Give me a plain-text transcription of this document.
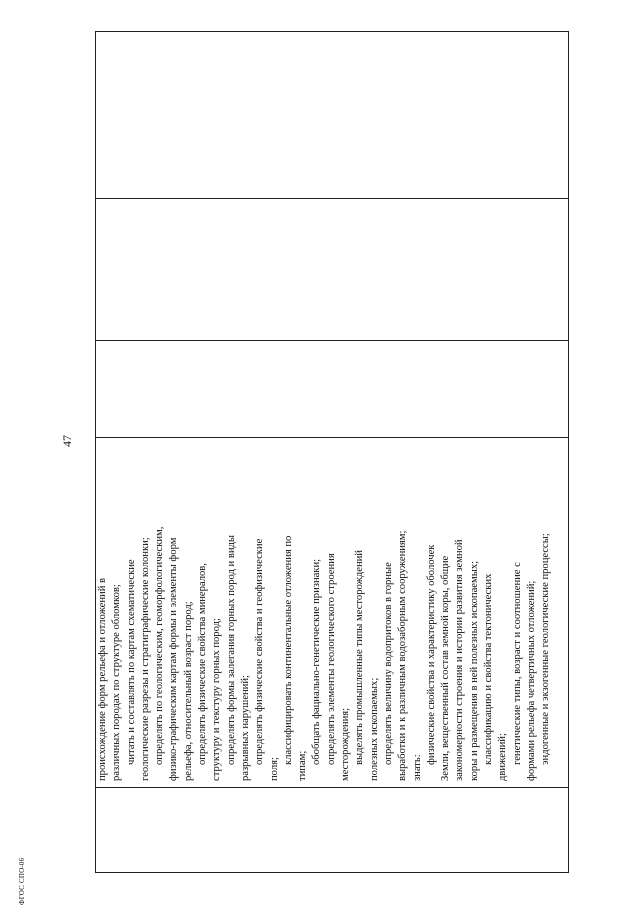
происхождение форм рельефа и отложений в различных породах по структуре обломков; читать и составлять по картам схематические геологические разрезы и стратиграфические колонки; определять по геологическим, геоморфологическим, физико-графическим картам формы и элементы форм рельефа, относительный возраст пород; определять физические свойства минералов, структуру и текстуру горных пород; определять формы залегания горных пород и виды разрывных нарушений; определять физические свойства и геофизические

поля;

классифицировать континентальные отложения по

типам;

обобщать фациально-генетические признаки; определять элементы геологического строения месторождения; выделять промышленные типы месторождений полезных ископаемых; определять величину водопритоков в горные выработки и к различным водозаборным сооружениям; знать:

физические свойства и характеристику оболочек Земли, вещественный состав земной коры, общие закономерности строения и истории развития земной коры и размещения в ней полезных ископаемых; классификацию и свойства тектонических движений; генетические типы, возраст и соотношение с формами рельефа четвертичных отложений; эндогенные и экзогенные геологические процессы;

47
ФГОС СПО-06
